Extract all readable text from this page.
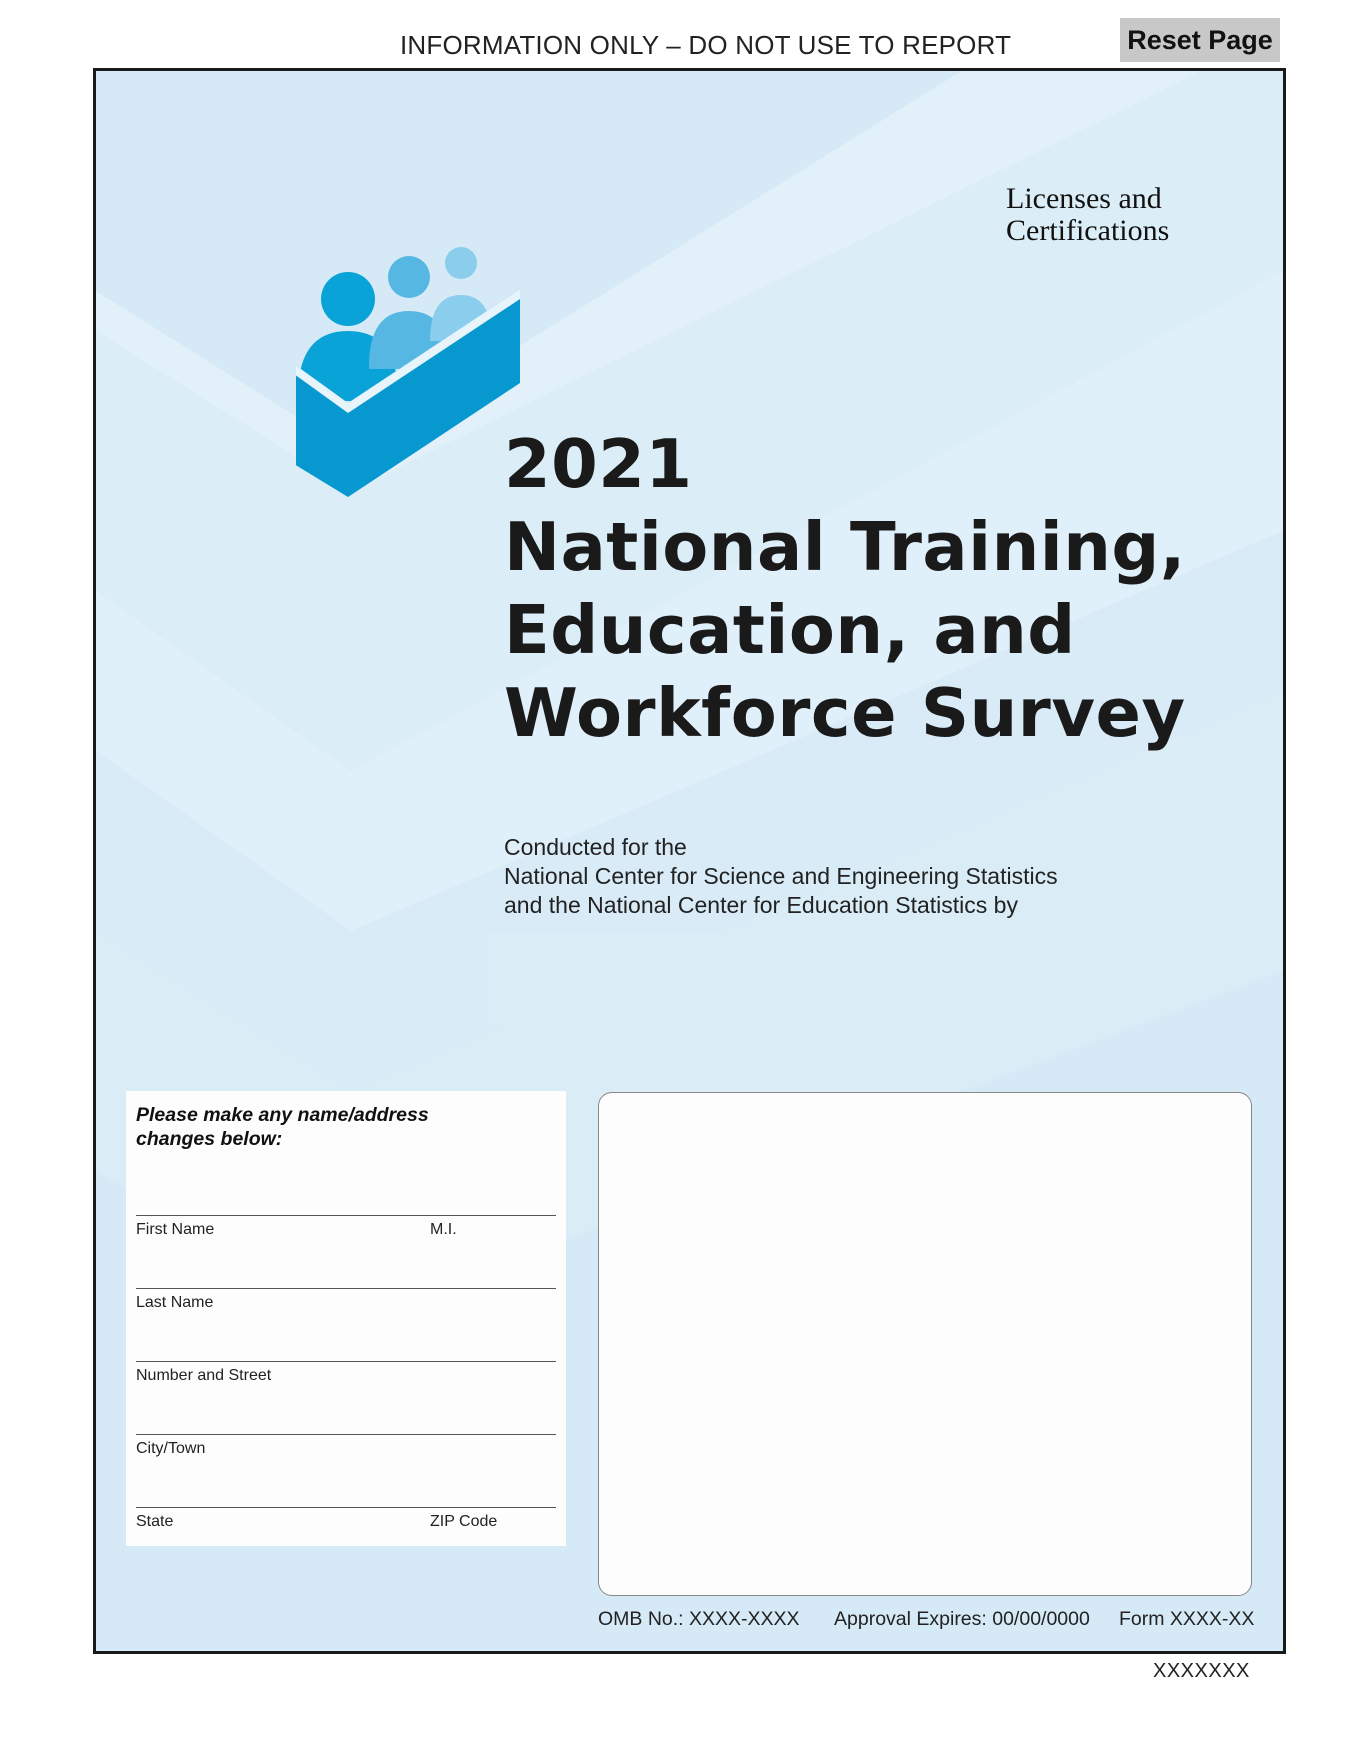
INFORMATION ONLY – DO NOT USE TO REPORT	Reset Page
Licenses and Certifications
2021
National Training,
Education, and
Workforce Survey
Conducted for the
National Center for Science and Engineering Statistics
and the National Center for Education Statistics by
Please make any name/address changes below:
First Name	M.I.
Last Name
Number and Street
City/Town
State	ZIP Code
OMB No.: XXXX-XXXX Approval Expires: 00/00/0000 Form XXXX-XX
XXXXXXX
